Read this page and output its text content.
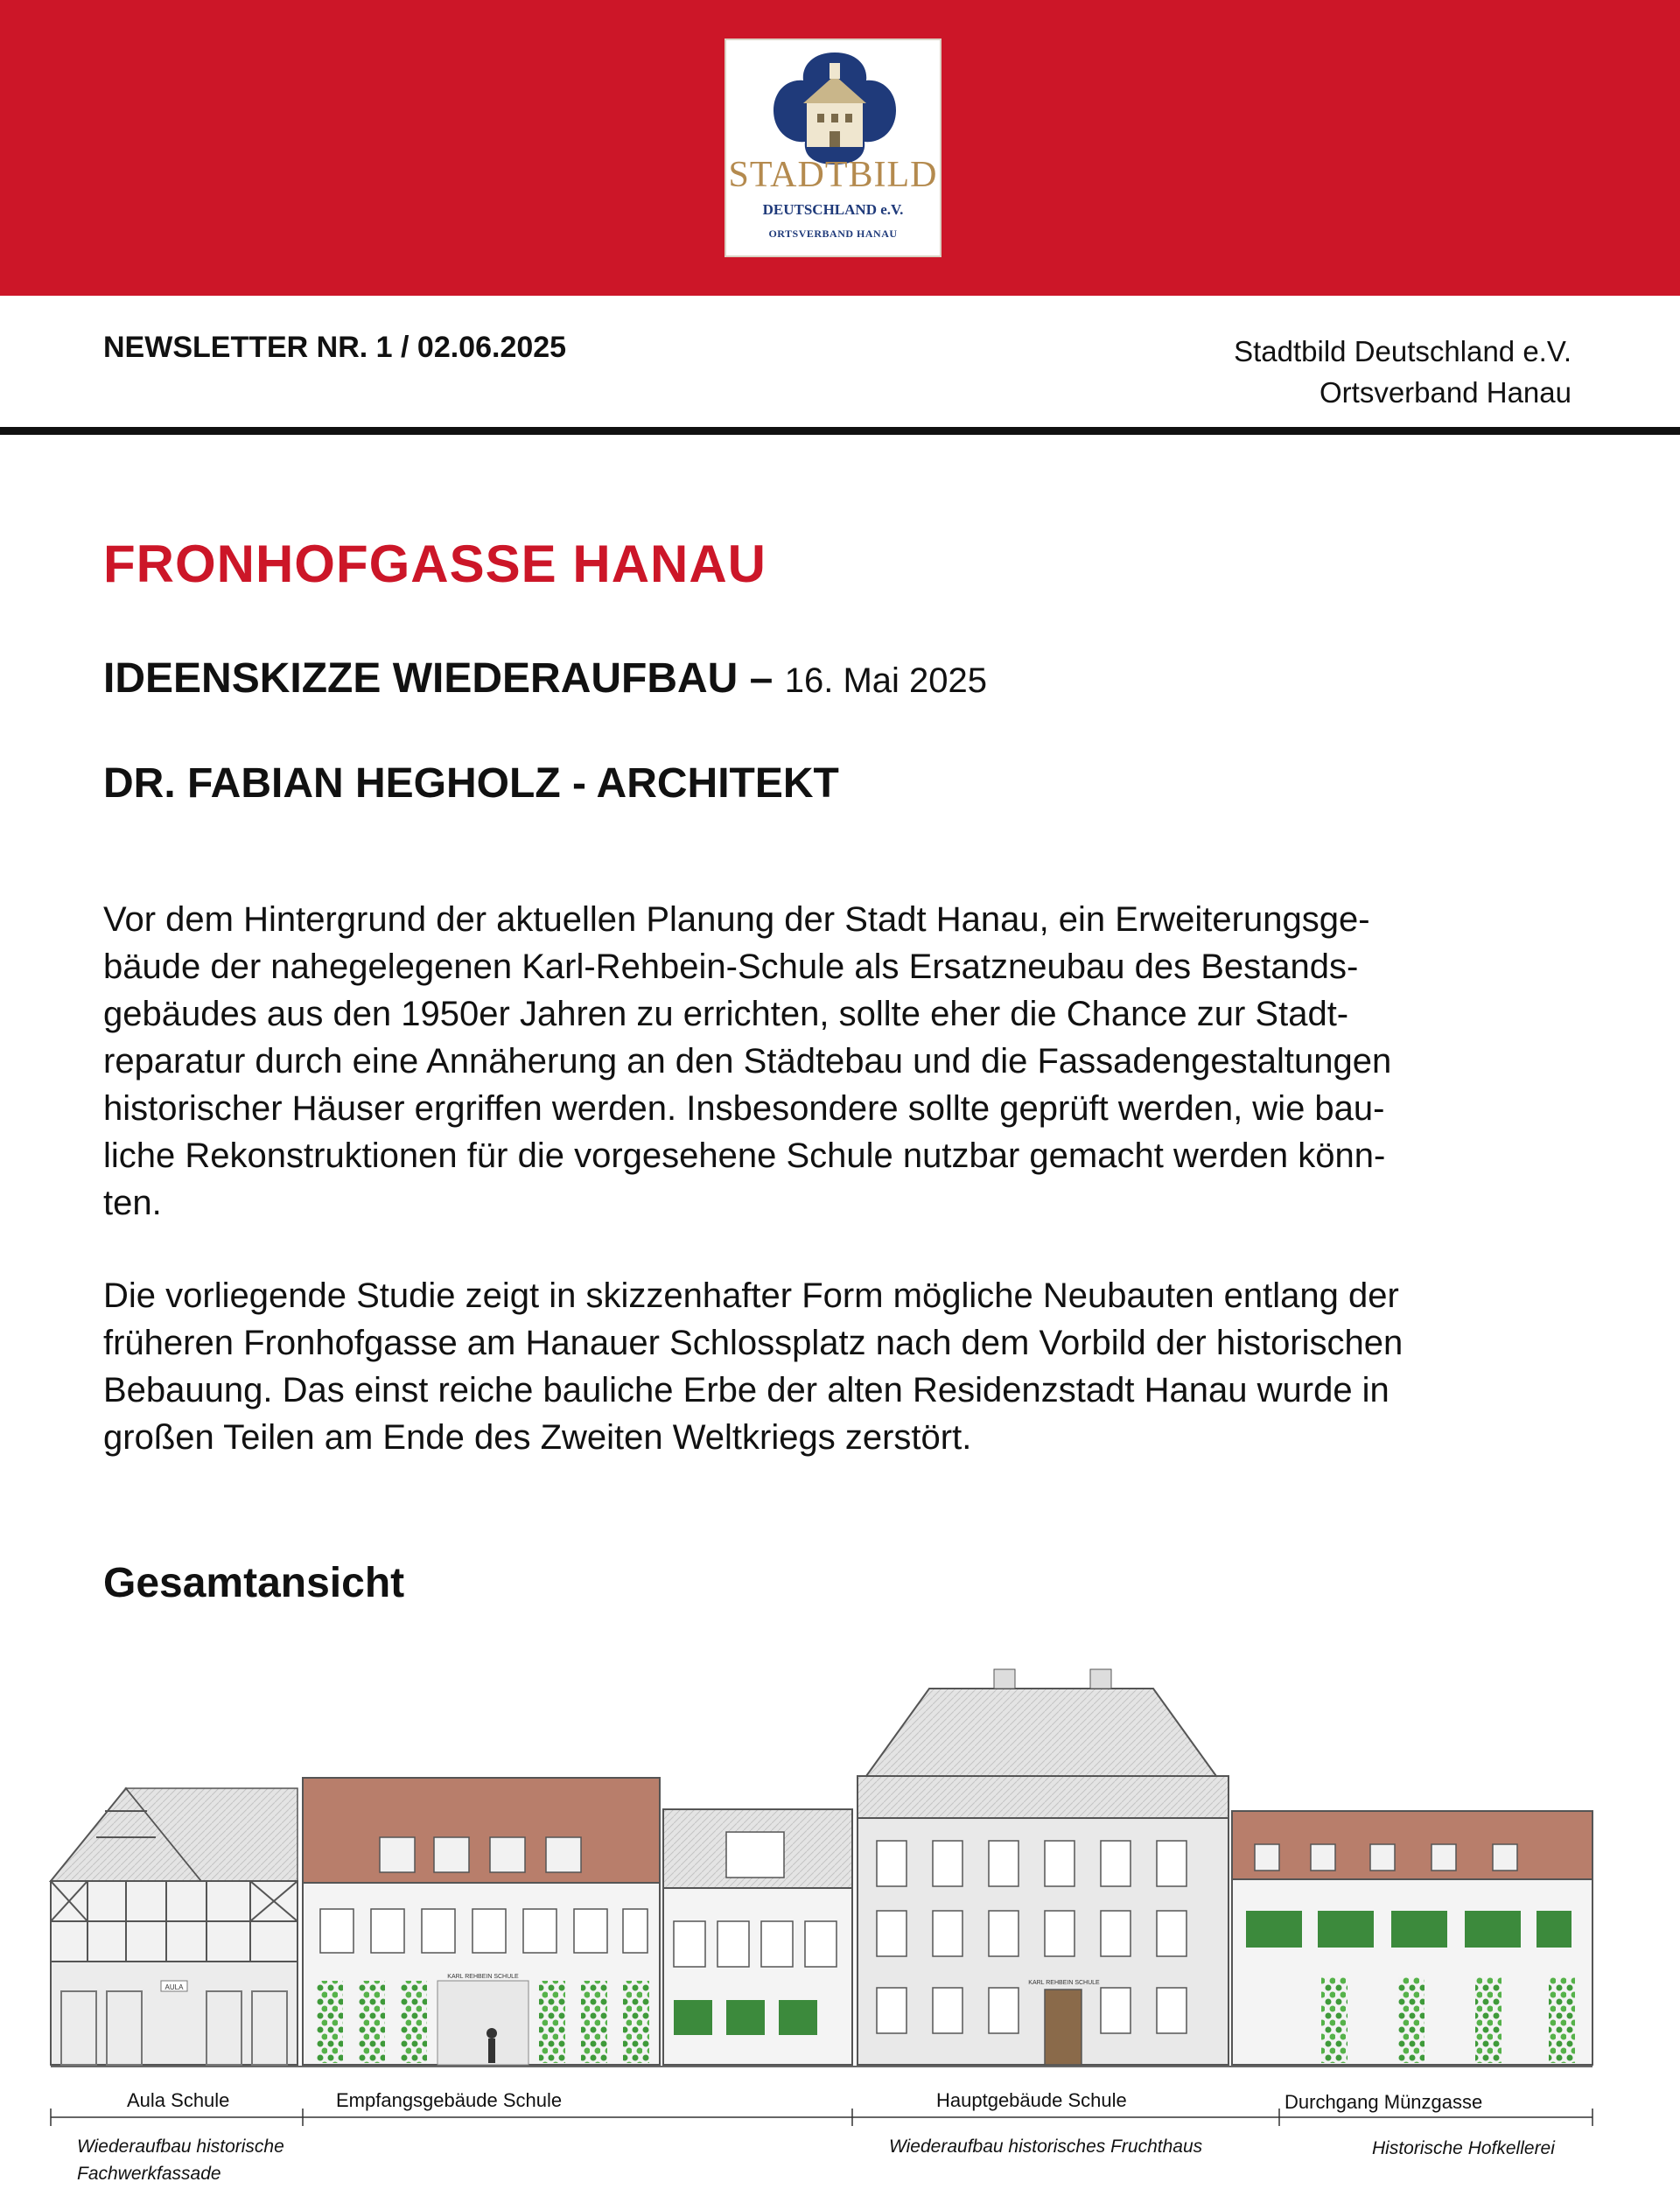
STADTBILD
DEUTSCHLAND e.V.
ORTSVERBAND HANAU
NEWSLETTER NR. 1 / 02.06.2025	Stadtbild Deutschland e.V.
Ortsverband Hanau
FRONHOFGASSE HANAU
IDEENSKIZZE WIEDERAUFBAU – 16. Mai 2025
DR. FABIAN HEGHOLZ - ARCHITEKT

Vor dem Hintergrund der aktuellen Planung der Stadt Hanau, ein Erweiterungsge-
bäude der nahegelegenen Karl-Rehbein-Schule als Ersatzneubau des Bestands-
gebäudes aus den 1950er Jahren zu errichten, sollte eher die Chance zur Stadt-
reparatur durch eine Annäherung an den Städtebau und die Fassadengestaltungen
historischer Häuser ergriffen werden. Insbesondere sollte geprüft werden, wie bau-
liche Rekonstruktionen für die vorgesehene Schule nutzbar gemacht werden könn-
ten.

Die vorliegende Studie zeigt in skizzenhafter Form mögliche Neubauten entlang der
früheren Fronhofgasse am Hanauer Schlossplatz nach dem Vorbild der historischen
Bebauung. Das einst reiche bauliche Erbe der alten Residenzstadt Hanau wurde in
großen Teilen am Ende des Zweiten Weltkriegs zerstört.

Gesamtansicht
AULA
KARL REHBEIN SCHULE
KARL REHBEIN SCHULE
Aula Schule	Empfangsgebäude Schule	Hauptgebäude Schule	Durchgang Münzgasse
Wiederaufbau historische
Fachwerkfassade
Wiederaufbau historisches Fruchthaus	Historische Hofkellerei
